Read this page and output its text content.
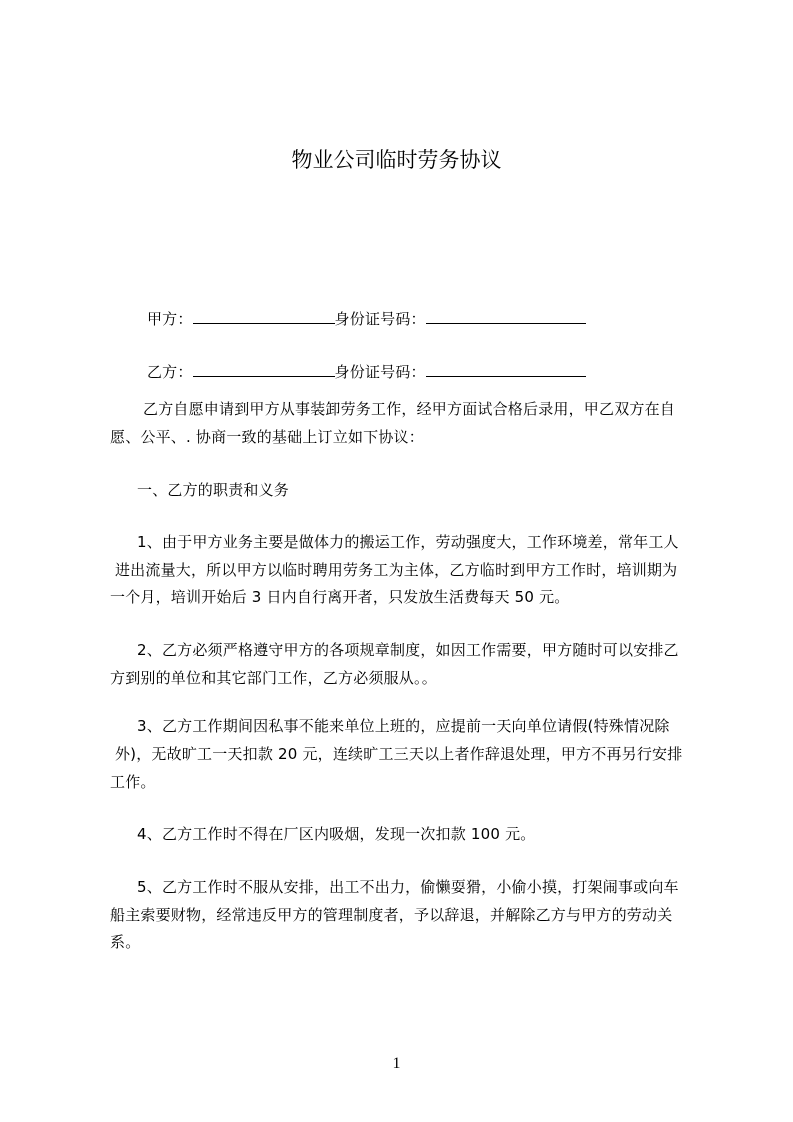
物业公司临时劳务协议

甲方：	身份证号码：

乙方：	身份证号码：

乙方自愿申请到甲方从事装卸劳务工作，经甲方面试合格后录用，甲乙双方在自
愿、公平、. 协商一致的基础上订立如下协议：
一、乙方的职责和义务
1、由于甲方业务主要是做体力的搬运工作，劳动强度大，工作环境差，常年工人
进出流量大，所以甲方以临时聘用劳务工为主体，乙方临时到甲方工作时，培训期为
一个月，培训开始后 3 日内自行离开者，只发放生活费每天 50 元。
2、乙方必须严格遵守甲方的各项规章制度，如因工作需要，甲方随时可以安排乙
方到别的单位和其它部门工作，乙方必须服从。。
3、乙方工作期间因私事不能来单位上班的，应提前一天向单位请假(特殊情况除
外)，无故旷工一天扣款 20 元，连续旷工三天以上者作辞退处理，甲方不再另行安排
工作。
4、乙方工作时不得在厂区内吸烟，发现一次扣款 100 元。
5、乙方工作时不服从安排，出工不出力，偷懒耍猾，小偷小摸，打架闹事或向车
船主索要财物，经常违反甲方的管理制度者，予以辞退，并解除乙方与甲方的劳动关
系。
1
